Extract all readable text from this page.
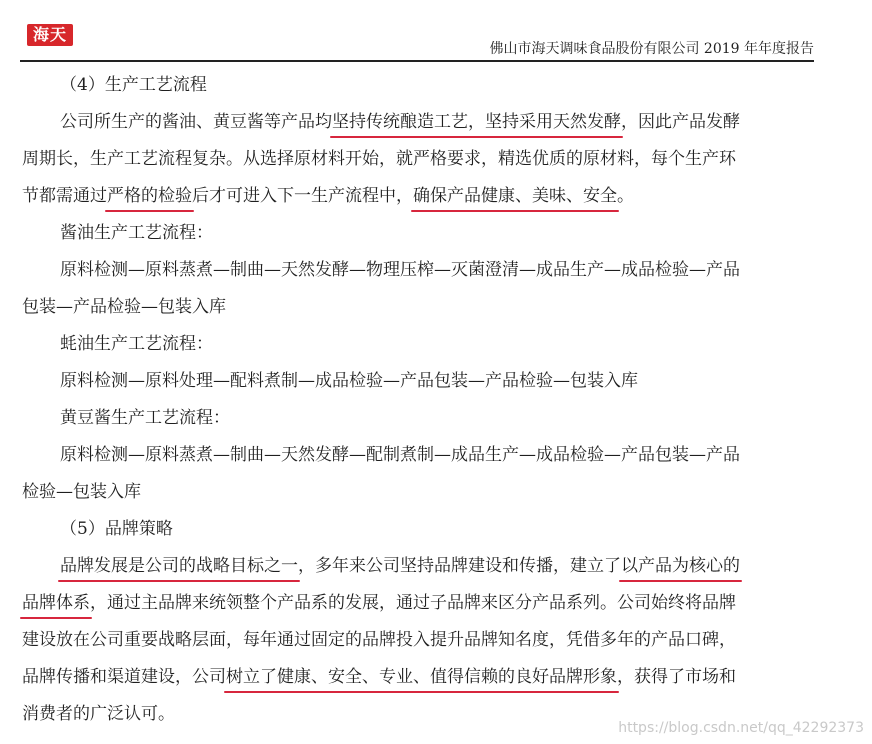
海天
佛山市海天调味食品股份有限公司 2019 年年度报告
（4）生产工艺流程
公司所生产的酱油、黄豆酱等产品均坚持传统酿造工艺，坚持采用天然发酵，因此产品发酵
周期长，生产工艺流程复杂。从选择原材料开始，就严格要求，精选优质的原材料，每个生产环
节都需通过严格的检验后才可进入下一生产流程中，确保产品健康、美味、安全。
酱油生产工艺流程：
原料检测—原料蒸煮—制曲—天然发酵—物理压榨—灭菌澄清—成品生产—成品检验—产品
包装—产品检验—包装入库
蚝油生产工艺流程：
原料检测—原料处理—配料煮制—成品检验—产品包装—产品检验—包装入库
黄豆酱生产工艺流程：
原料检测—原料蒸煮—制曲—天然发酵—配制煮制—成品生产—成品检验—产品包装—产品
检验—包装入库
（5）品牌策略
品牌发展是公司的战略目标之一，多年来公司坚持品牌建设和传播，建立了以产品为核心的
品牌体系，通过主品牌来统领整个产品系的发展，通过子品牌来区分产品系列。公司始终将品牌
建设放在公司重要战略层面，每年通过固定的品牌投入提升品牌知名度，凭借多年的产品口碑，
品牌传播和渠道建设，公司树立了健康、安全、专业、值得信赖的良好品牌形象，获得了市场和
消费者的广泛认可。
https://blog.csdn.net/qq_42292373
